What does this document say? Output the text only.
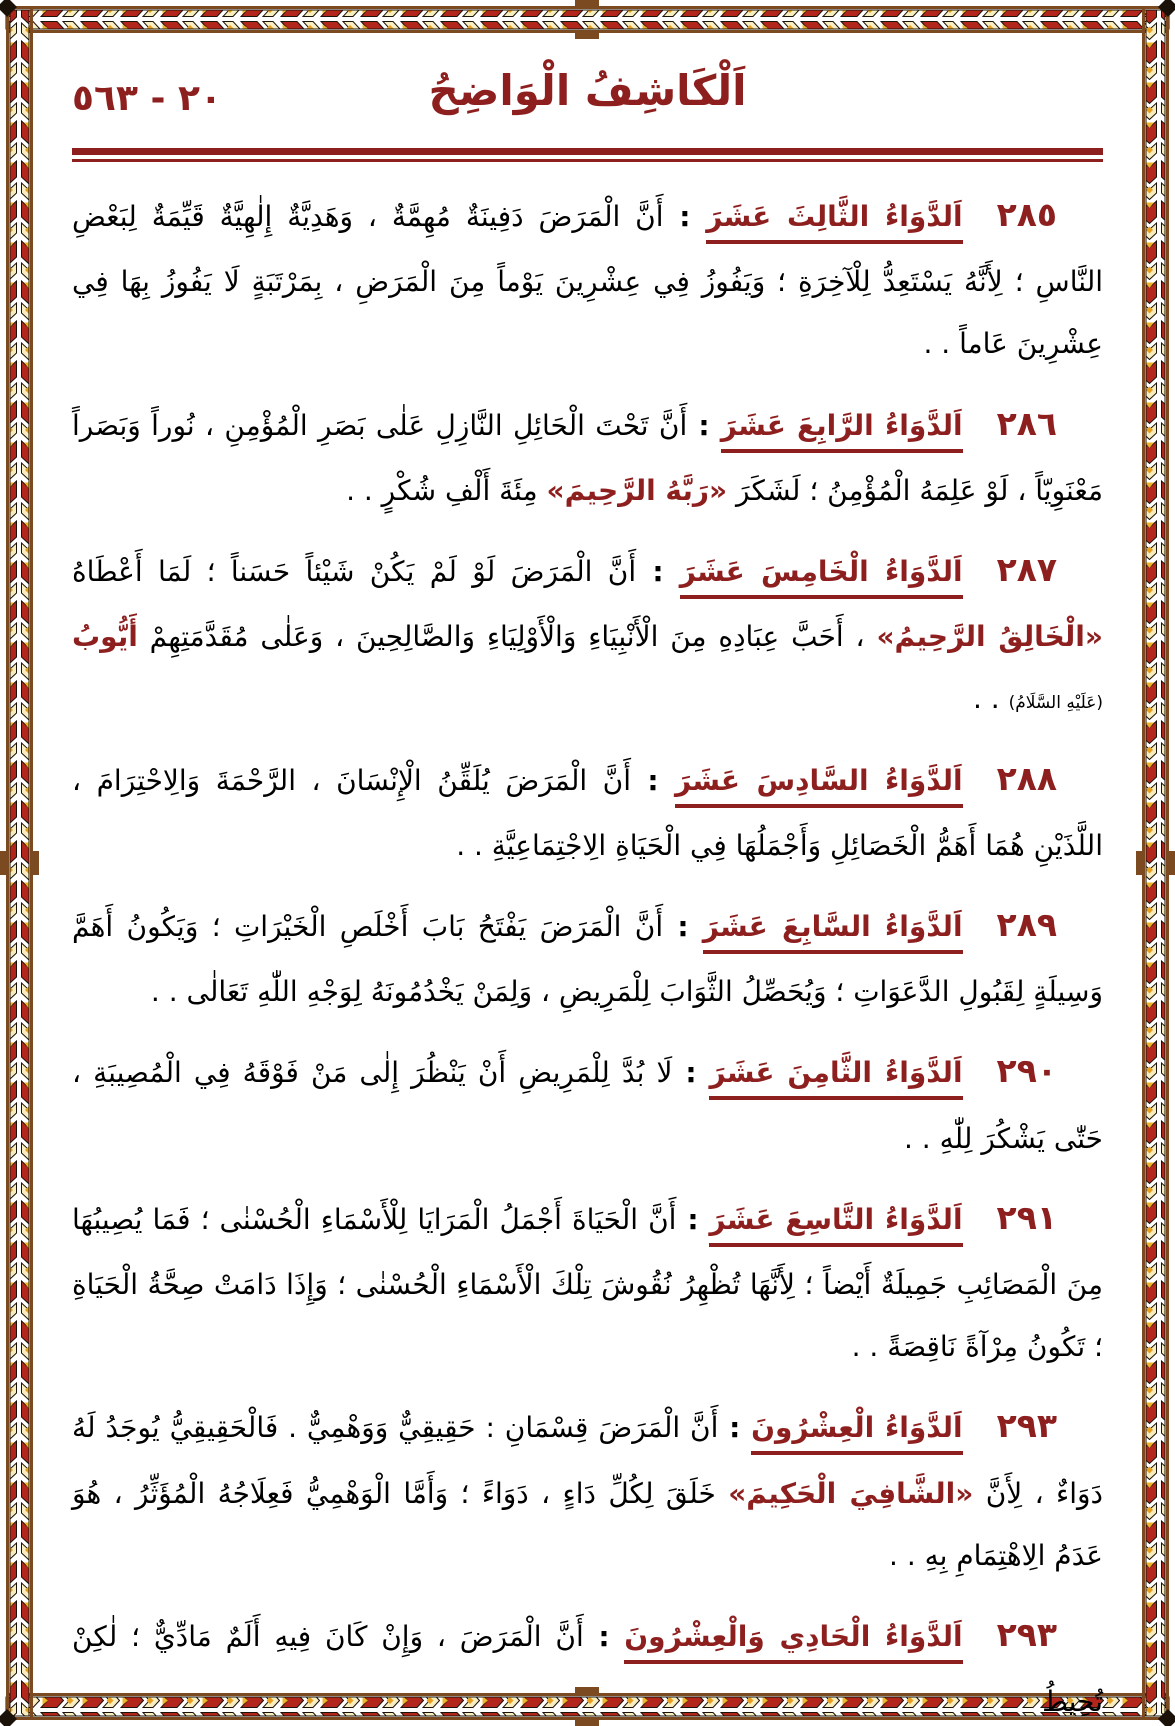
٢٠ - ٥٦٣	اَلْكَاشِفُ الْوَاضِحُ

٢٨٥اَلدَّوَاءُ الثَّالِثَ عَشَرَ : أَنَّ الْمَرَضَ دَفِينَةٌ مُهِمَّةٌ ، وَهَدِيَّةٌ إِلٰهِيَّةٌ قَيِّمَةٌ لِبَعْضِ النَّاسِ ؛ لِأَنَّهُ يَسْتَعِدُّ لِلْآخِرَةِ ؛ وَيَفُوزُ فِي عِشْرِينَ يَوْماً مِنَ الْمَرَضِ ، بِمَرْتَبَةٍ لَا يَفُوزُ بِهَا فِي عِشْرِينَ عَاماً . .

٢٨٦اَلدَّوَاءُ الرَّابِعَ عَشَرَ : أَنَّ تَحْتَ الْحَائِلِ النَّازِلِ عَلٰى بَصَرِ الْمُؤْمِنِ ، نُوراً وَبَصَراً مَعْنَوِيّاً ، لَوْ عَلِمَهُ الْمُؤْمِنُ ؛ لَشَكَرَ «رَبَّهُ الرَّحِيمَ» مِئَةَ أَلْفِ شُكْرٍ . .

٢٨٧اَلدَّوَاءُ الْخَامِسَ عَشَرَ : أَنَّ الْمَرَضَ لَوْ لَمْ يَكُنْ شَيْئاً حَسَناً ؛ لَمَا أَعْطَاهُ «الْخَالِقُ الرَّحِيمُ» ، أَحَبَّ عِبَادِهِ مِنَ الْأَنْبِيَاءِ وَالْأَوْلِيَاءِ وَالصَّالِحِينَ ، وَعَلٰى مُقَدَّمَتِهِمْ أَيُّوبُ (عَلَيْهِ السَّلَامُ) . .

٢٨٨اَلدَّوَاءُ السَّادِسَ عَشَرَ : أَنَّ الْمَرَضَ يُلَقِّنُ الْإِنْسَانَ ، الرَّحْمَةَ وَالِاحْتِرَامَ ، اللَّذَيْنِ هُمَا أَهَمُّ الْخَصَائِلِ وَأَجْمَلُهَا فِي الْحَيَاةِ الِاجْتِمَاعِيَّةِ . .

٢٨٩اَلدَّوَاءُ السَّابِعَ عَشَرَ : أَنَّ الْمَرَضَ يَفْتَحُ بَابَ أَخْلَصِ الْخَيْرَاتِ ؛ وَيَكُونُ أَهَمَّ وَسِيلَةٍ لِقَبُولِ الدَّعَوَاتِ ؛ وَيُحَصِّلُ الثَّوَابَ لِلْمَرِيضِ ، وَلِمَنْ يَخْدُمُونَهُ لِوَجْهِ اللّٰهِ تَعَالٰى . .

٢٩٠اَلدَّوَاءُ الثَّامِنَ عَشَرَ : لَا بُدَّ لِلْمَرِيضِ أَنْ يَنْظُرَ إِلٰى مَنْ فَوْقَهُ فِي الْمُصِيبَةِ ، حَتّٰى يَشْكُرَ لِلّٰهِ . .

٢٩١اَلدَّوَاءُ التَّاسِعَ عَشَرَ : أَنَّ الْحَيَاةَ أَجْمَلُ الْمَرَايَا لِلْأَسْمَاءِ الْحُسْنٰى ؛ فَمَا يُصِيبُهَا مِنَ الْمَصَائِبِ جَمِيلَةٌ أَيْضاً ؛ لِأَنَّهَا تُظْهِرُ نُقُوشَ تِلْكَ الْأَسْمَاءِ الْحُسْنٰى ؛ وَإِذَا دَامَتْ صِحَّةُ الْحَيَاةِ ؛ تَكُونُ مِرْآةً نَاقِصَةً . .

٢٩٣اَلدَّوَاءُ الْعِشْرُونَ : أَنَّ الْمَرَضَ قِسْمَانِ : حَقِيقِيٌّ وَوَهْمِيٌّ . فَالْحَقِيقِيُّ يُوجَدُ لَهُ دَوَاءٌ ، لِأَنَّ «الشَّافِيَ الْحَكِيمَ» خَلَقَ لِكُلِّ دَاءٍ ، دَوَاءً ؛ وَأَمَّا الْوَهْمِيُّ فَعِلَاجُهُ الْمُؤَثِّرُ ، هُوَ عَدَمُ الِاهْتِمَامِ بِهِ . .

٢٩٣اَلدَّوَاءُ الْحَادِي وَالْعِشْرُونَ : أَنَّ الْمَرَضَ ، وَإِنْ كَانَ فِيهِ أَلَمٌ مَادِّيٌّ ؛ لٰكِنْ تُحِيطُ
